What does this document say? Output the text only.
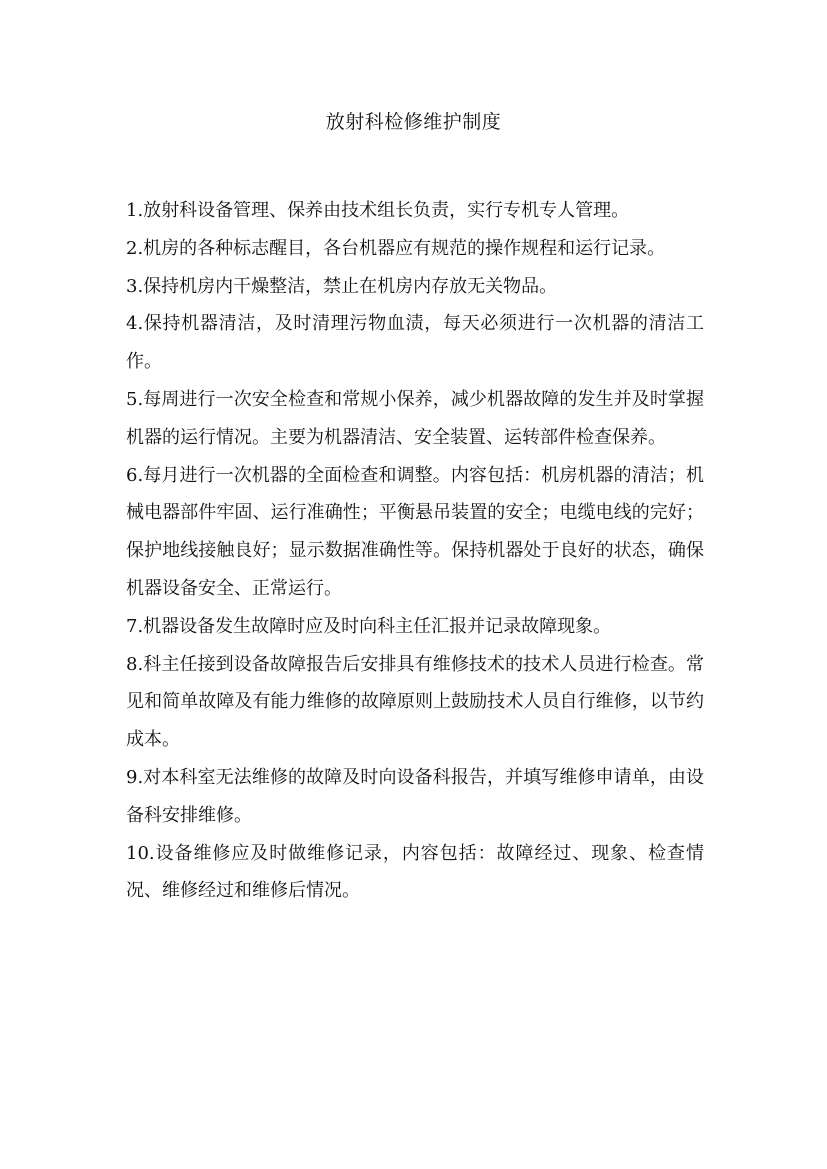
放射科检修维护制度

1.放射科设备管理、保养由技术组长负责，实行专机专人管理。

2.机房的各种标志醒目，各台机器应有规范的操作规程和运行记录。

3.保持机房内干燥整洁，禁止在机房内存放无关物品。

4.保持机器清洁，及时清理污物血渍，每天必须进行一次机器的清洁工作。

5.每周进行一次安全检查和常规小保养，减少机器故障的发生并及时掌握机器的运行情况。主要为机器清洁、安全装置、运转部件检查保养。

6.每月进行一次机器的全面检查和调整。内容包括：机房机器的清洁；机械电器部件牢固、运行准确性；平衡悬吊装置的安全；电缆电线的完好；保护地线接触良好；显示数据准确性等。保持机器处于良好的状态，确保机器设备安全、正常运行。

7.机器设备发生故障时应及时向科主任汇报并记录故障现象。

8.科主任接到设备故障报告后安排具有维修技术的技术人员进行检查。常见和简单故障及有能力维修的故障原则上鼓励技术人员自行维修，以节约成本。

9.对本科室无法维修的故障及时向设备科报告，并填写维修申请单，由设备科安排维修。

10.设备维修应及时做维修记录，内容包括：故障经过、现象、检查情况、维修经过和维修后情况。
